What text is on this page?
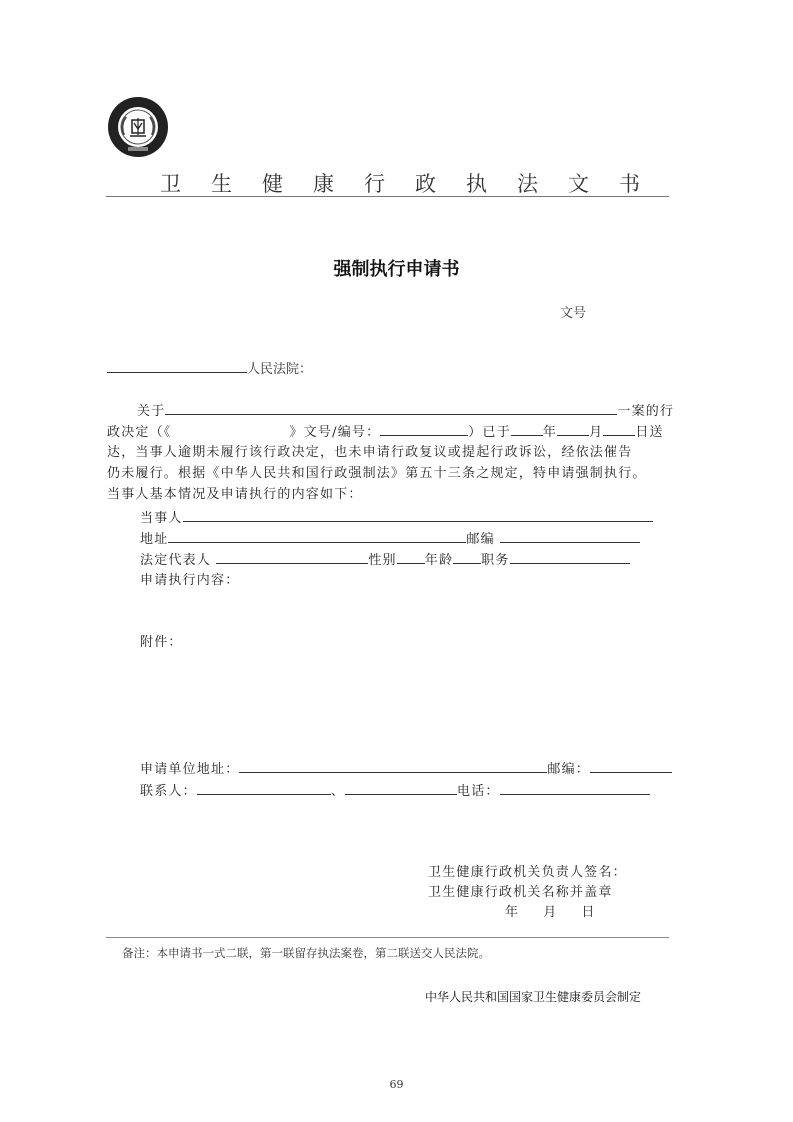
卫 生 健 康 行 政 执 法 文 书
强制执行申请书
文号
人民法院：
关于	一案的行
政决定（《	》文号/编号：	）已于 年 月 日送
达，当事人逾期未履行该行政决定，也未申请行政复议或提起行政诉讼，经依法催告
仍未履行。根据《中华人民共和国行政强制法》第五十三条之规定，特申请强制执行。
当事人基本情况及申请执行的内容如下：
当事人
地址	邮编
法定代表人	性别 年龄 职务
申请执行内容：
附件：
申请单位地址：	邮编：
联系人：	、	电话：
卫生健康行政机关负责人签名：
卫生健康行政机关名称并盖章
年 月 日
备注：本申请书一式二联，第一联留存执法案卷，第二联送交人民法院。
中华人民共和国国家卫生健康委员会制定
69
